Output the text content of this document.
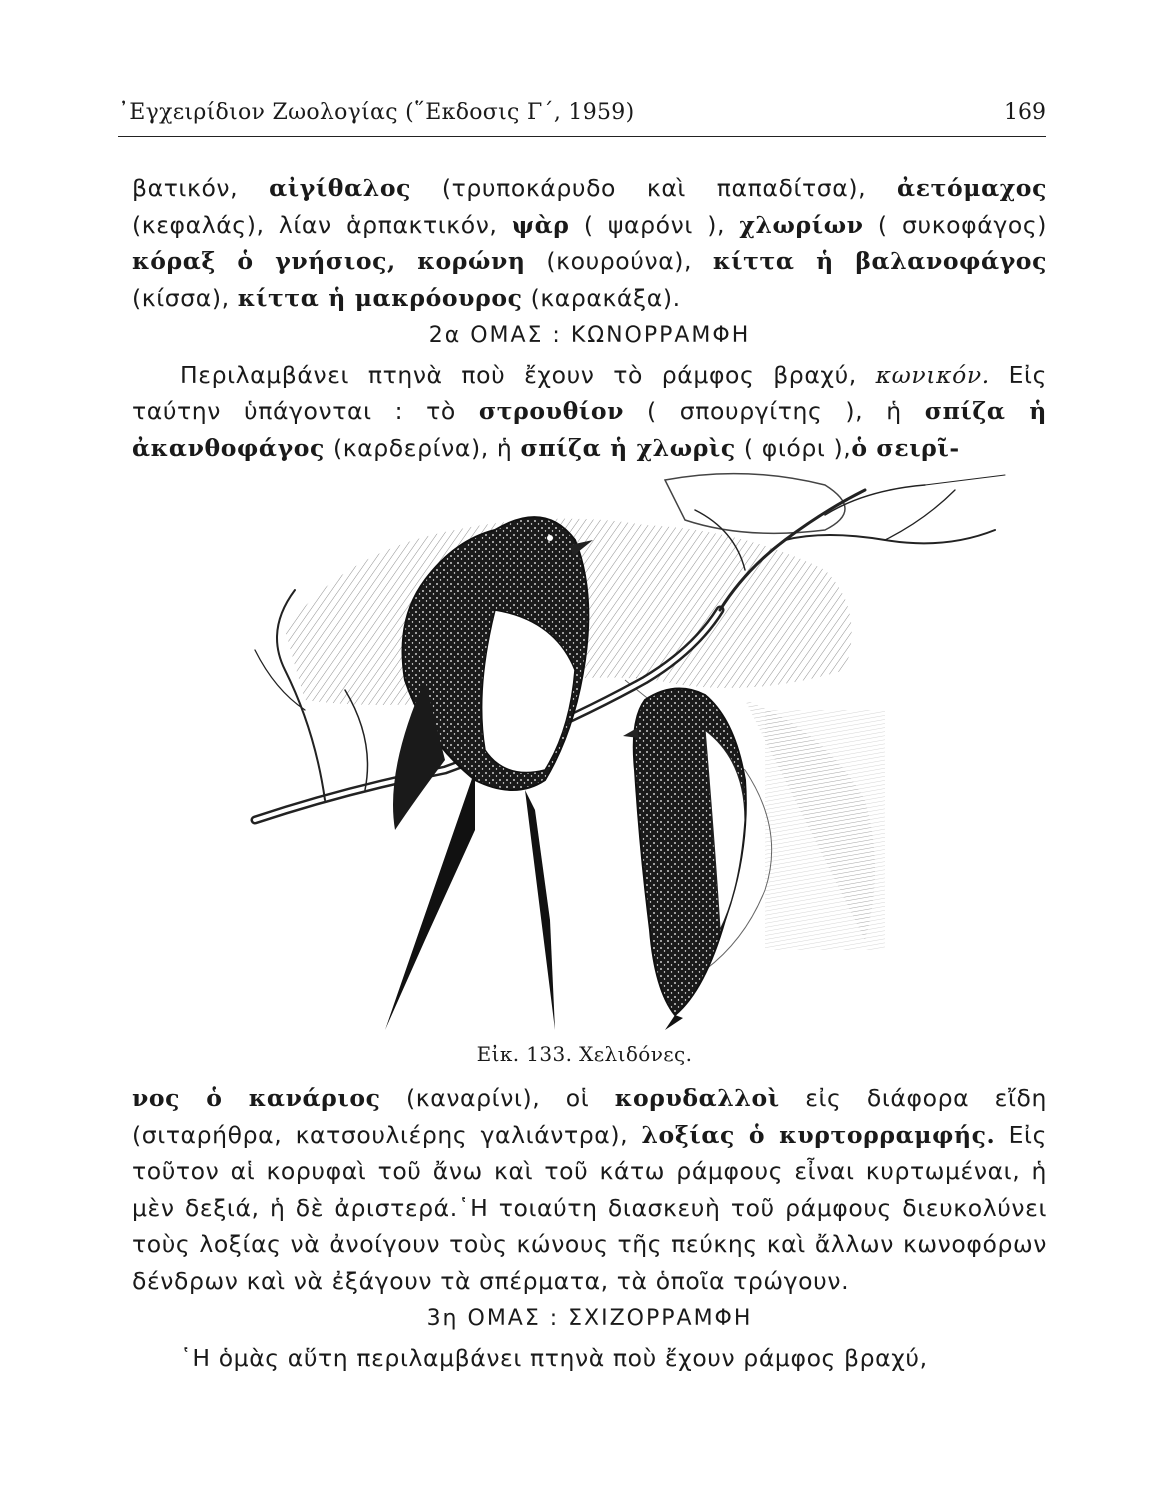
᾿Εγχειρίδιον Ζωολογίας (῞Εκδοσις Γ΄, 1959)	169

βατικόν, αἰγίθαλος (τρυποκάρυδο καὶ παπαδίτσα), ἀετόμαχος (κεφαλάς), λίαν ἁρπακτικόν, ψὰρ ( ψαρόνι ), χλωρίων ( συκοφάγος) κόραξ ὁ γνήσιος, κορώνη (κουρούνα), κίττα ἡ βαλανοφάγος (κίσσα), κίττα ἡ μακρόουρος (καρακάξα).

2α ΟΜΑΣ : ΚΩΝΟΡΡΑΜΦΗ

Περιλαμβάνει πτηνὰ ποὺ ἔχουν τὸ ράμφος βραχύ, κωνικόν. Εἰς ταύτην ὑπάγονται : τὸ στρουθίον ( σπουργίτης ), ἡ σπίζα ἡ ἀκανθοφάγος (καρδερίνα), ἡ σπίζα ἡ χλωρὶς ( φιόρι ),ὁ σειρῖ-

Εἰκ. 133. Χελιδόνες.

νος ὁ κανάριος (καναρίνι), οἱ κορυδαλλοὶ εἰς διάφορα εἴδη (σιταρήθρα, κατσουλιέρης γαλιάντρα), λοξίας ὁ κυρτορραμφής. Εἰς τοῦτον αἱ κορυφαὶ τοῦ ἄνω καὶ τοῦ κάτω ράμφους εἶναι κυρτωμέναι, ἡ μὲν δεξιά, ἡ δὲ ἀριστερά.῾Η τοιαύτη διασκευὴ τοῦ ράμφους διευκολύνει τοὺς λοξίας νὰ ἀνοίγουν τοὺς κώνους τῆς πεύκης καὶ ἄλλων κωνοφόρων δένδρων καὶ νὰ ἐξάγουν τὰ σπέρματα, τὰ ὁποῖα τρώγουν.

3η ΟΜΑΣ : ΣΧΙΖΟΡΡΑΜΦΗ

῾Η ὁμὰς αὕτη περιλαμβάνει πτηνὰ ποὺ ἔχουν ράμφος βραχύ,
